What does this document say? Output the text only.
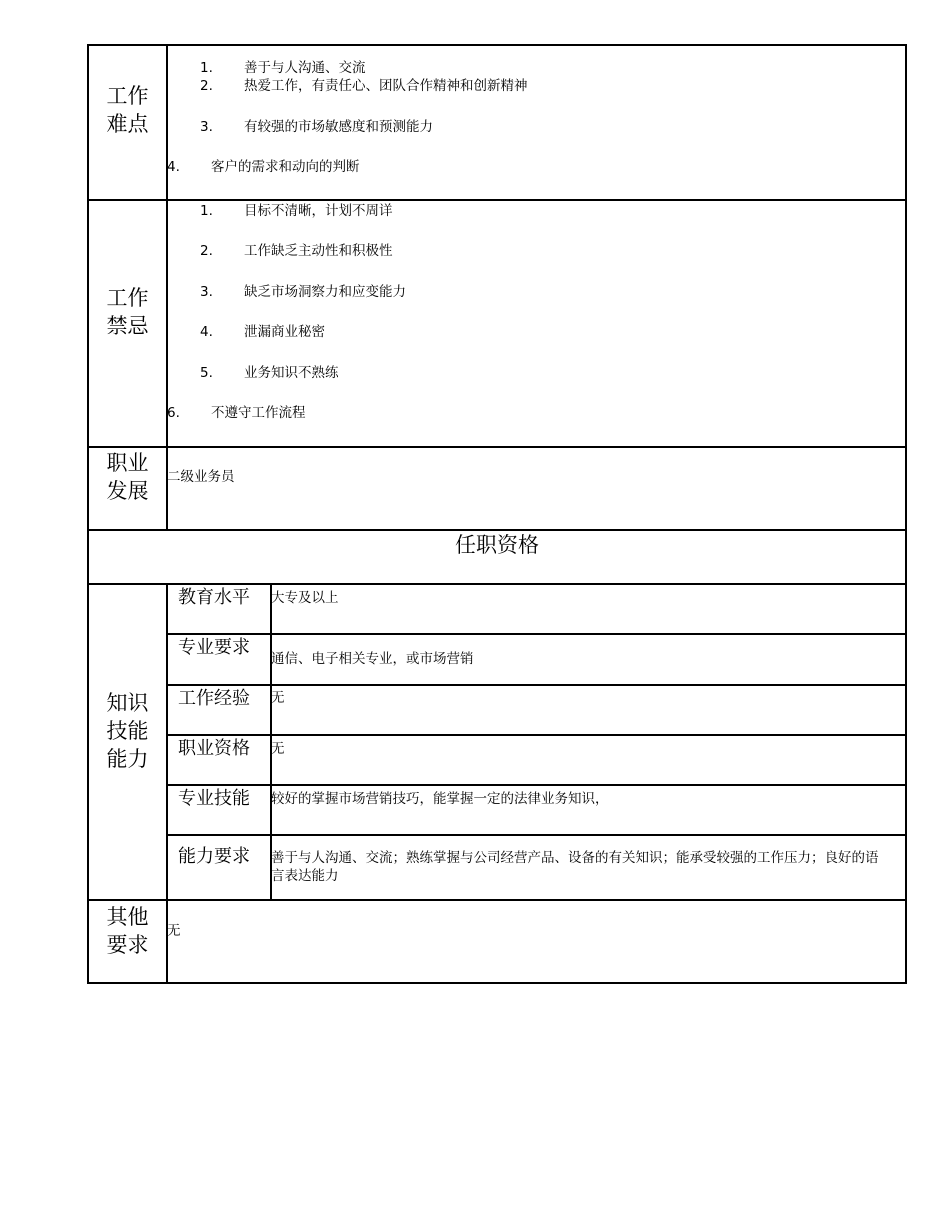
工作
难点
1. 善于与人沟通、交流
2. 热爱工作，有责任心、团队合作精神和创新精神
3. 有较强的市场敏感度和预测能力
4. 客户的需求和动向的判断
工作
禁忌
1. 目标不清晰，计划不周详
2. 工作缺乏主动性和积极性
3. 缺乏市场洞察力和应变能力
4. 泄漏商业秘密
5. 业务知识不熟练
6. 不遵守工作流程
职业
发展
二级业务员
任职资格
知识
技能
能力
教育水平 大专及以上
专业要求
通信、电子相关专业，或市场营销
工作经验 无
职业资格 无
专业技能 较好的掌握市场营销技巧，能掌握一定的法律业务知识，
能力要求 善于与人沟通、交流；熟练掌握与公司经营产品、设备的有关知识；能承受较强的工作压力；良好的语言表达能力
其他
要求
无
